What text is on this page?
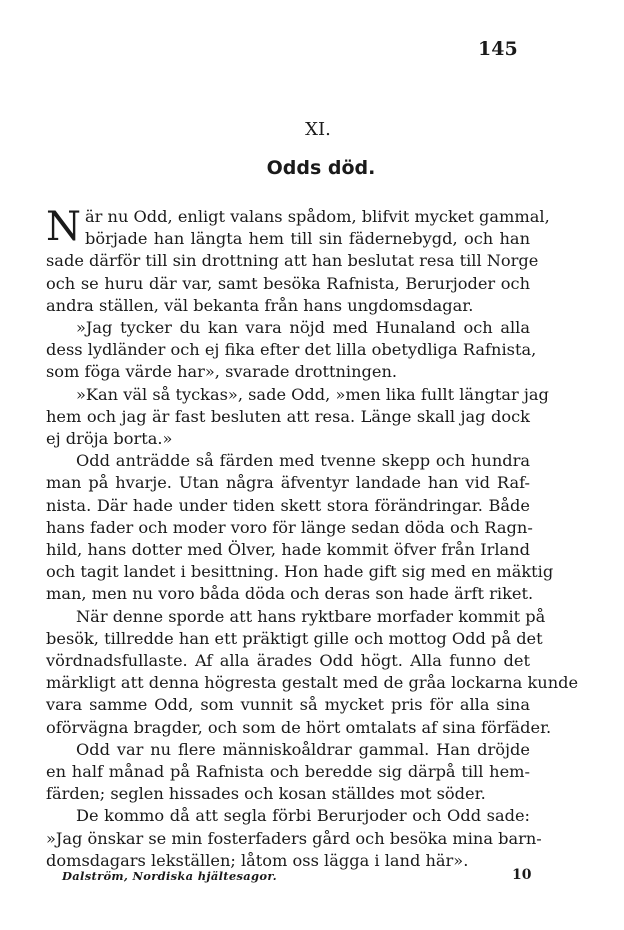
145
XI.
Odds död.
N är nu Odd, enligt valans spådom, blifvit mycket gammal,
började han längta hem till sin fädernebygd, och han
sade därför till sin drottning att han beslutat resa till Norge
och se huru där var, samt besöka Rafnista, Berurjoder och
andra ställen, väl bekanta från hans ungdomsdagar.
»Jag tycker du kan vara nöjd med Hunaland och alla
dess lydländer och ej fika efter det lilla obetydliga Rafnista,
som föga värde har», svarade drottningen.
»Kan väl så tyckas», sade Odd, »men lika fullt längtar jag
hem och jag är fast besluten att resa. Länge skall jag dock
ej dröja borta.»
Odd anträdde så färden med tvenne skepp och hundra
man på hvarje. Utan några äfventyr landade han vid Raf-
nista. Där hade under tiden skett stora förändringar. Både
hans fader och moder voro för länge sedan döda och Ragn-
hild, hans dotter med Ölver, hade kommit öfver från Irland
och tagit landet i besittning. Hon hade gift sig med en mäktig
man, men nu voro båda döda och deras son hade ärft riket.
När denne sporde att hans ryktbare morfader kommit på
besök, tillredde han ett präktigt gille och mottog Odd på det
vördnadsfullaste. Af alla ärades Odd högt. Alla funno det
märkligt att denna högresta gestalt med de gråa lockarna kunde
vara samme Odd, som vunnit så mycket pris för alla sina
oförvägna bragder, och som de hört omtalats af sina förfäder.
Odd var nu flere människoåldrar gammal. Han dröjde
en half månad på Rafnista och beredde sig därpå till hem-
färden; seglen hissades och kosan ställdes mot söder.
De kommo då att segla förbi Berurjoder och Odd sade:
»Jag önskar se min fosterfaders gård och besöka mina barn-
domsdagars lekställen; låtom oss lägga i land här».
Dalström, Nordiska hjältesagor.	10
